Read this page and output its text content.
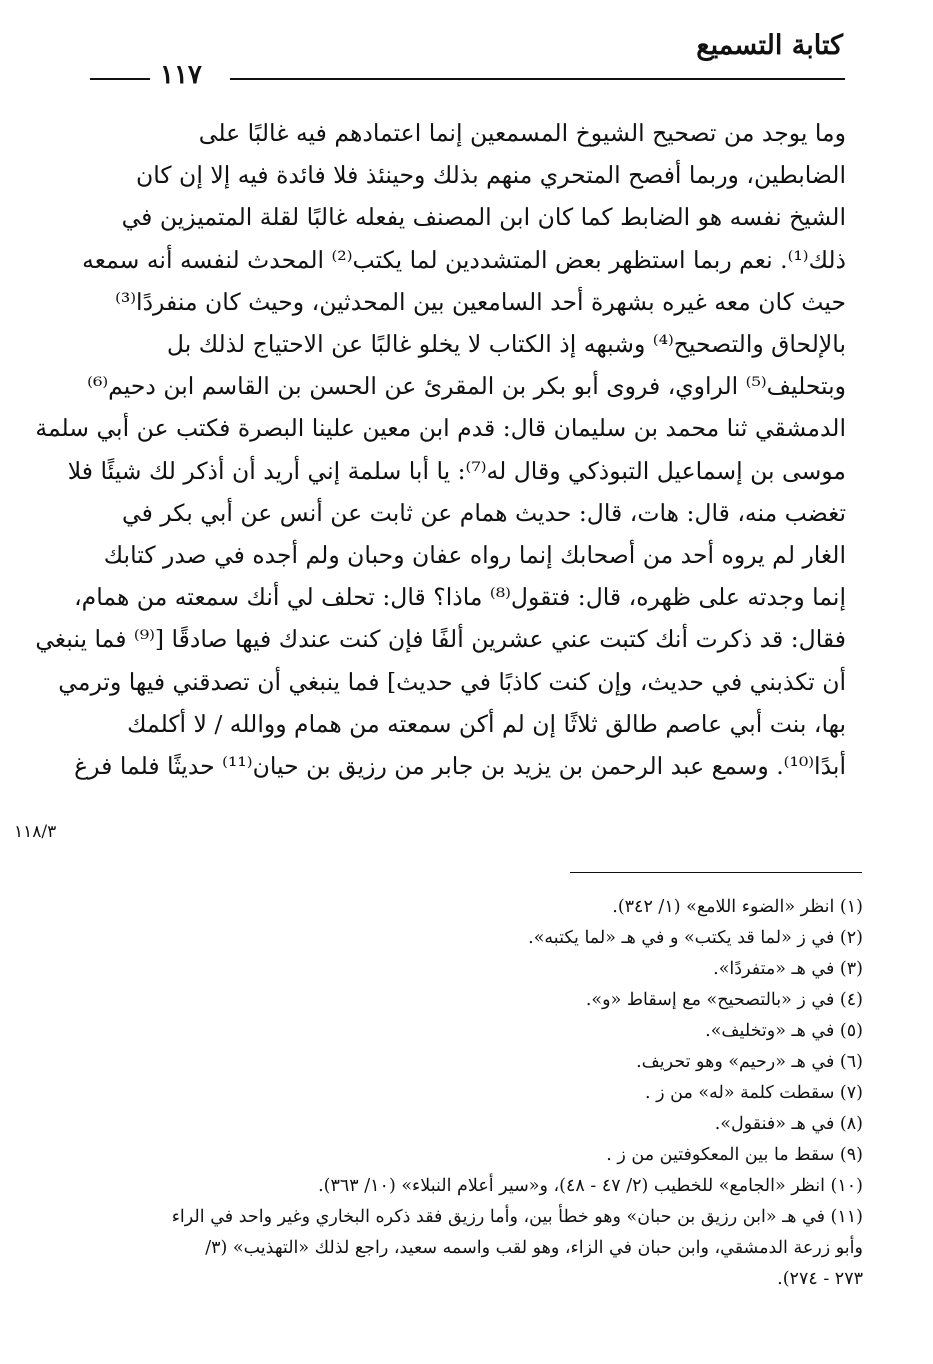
كتابة التسميع
١١٧
وما يوجد من تصحيح الشيوخ المسمعين إنما اعتمادهم فيه غالبًا على
الضابطين، وربما أفصح المتحري منهم بذلك وحينئذ فلا فائدة فيه إلا إن كان
الشيخ نفسه هو الضابط كما كان ابن المصنف يفعله غالبًا لقلة المتميزين في
ذلك⁽¹⁾. نعم ربما استظهر بعض المتشددين لما يكتب⁽²⁾ المحدث لنفسه أنه سمعه
حيث كان معه غيره بشهرة أحد السامعين بين المحدثين، وحيث كان منفردًا⁽³⁾
بالإلحاق والتصحيح⁽⁴⁾ وشبهه إذ الكتاب لا يخلو غالبًا عن الاحتياج لذلك بل
وبتحليف⁽⁵⁾ الراوي، فروى أبو بكر بن المقرئ عن الحسن بن القاسم ابن دحيم⁽⁶⁾
الدمشقي ثنا محمد بن سليمان قال: قدم ابن معين علينا البصرة فكتب عن أبي سلمة
موسى بن إسماعيل التبوذكي وقال له⁽⁷⁾: يا أبا سلمة إني أريد أن أذكر لك شيئًا فلا
تغضب منه، قال: هات، قال: حديث همام عن ثابت عن أنس عن أبي بكر في
الغار لم يروه أحد من أصحابك إنما رواه عفان وحبان ولم أجده في صدر كتابك
إنما وجدته على ظهره، قال: فتقول⁽⁸⁾ ماذا؟ قال: تحلف لي أنك سمعته من همام،
فقال: قد ذكرت أنك كتبت عني عشرين ألفًا فإن كنت عندك فيها صادقًا [⁽⁹⁾ فما ينبغي
أن تكذبني في حديث، وإن كنت كاذبًا في حديث] فما ينبغي أن تصدقني فيها وترمي
بها، بنت أبي عاصم طالق ثلاثًا إن لم أكن سمعته من همام ووالله / لا أكلمك
أبدًا⁽¹⁰⁾. وسمع عبد الرحمن بن يزيد بن جابر من رزيق بن حيان⁽¹¹⁾ حديثًا فلما فرغ
١١٨/٣
(١) انظر «الضوء اللامع» (١/ ٣٤٢).
(٢) في ز «لما قد يكتب» و في هـ «لما يكتبه».
(٣) في هـ «متفردًا».
(٤) في ز «بالتصحيح» مع إسقاط «و».
(٥) في هـ «وتخليف».
(٦) في هـ «رحيم» وهو تحريف.
(٧) سقطت كلمة «له» من ز .
(٨) في هـ «فنقول».
(٩) سقط ما بين المعكوفتين من ز .
(١٠) انظر «الجامع» للخطيب (٢/ ٤٧ - ٤٨)، و«سير أعلام النبلاء» (١٠/ ٣٦٣).
(١١) في هـ «ابن رزيق بن حبان» وهو خطأ بين، وأما رزيق فقد ذكره البخاري وغير واحد في الراء
وأبو زرعة الدمشقي، وابن حبان في الزاء، وهو لقب واسمه سعيد، راجع لذلك «التهذيب» (٣/
٢٧٣ - ٢٧٤).
